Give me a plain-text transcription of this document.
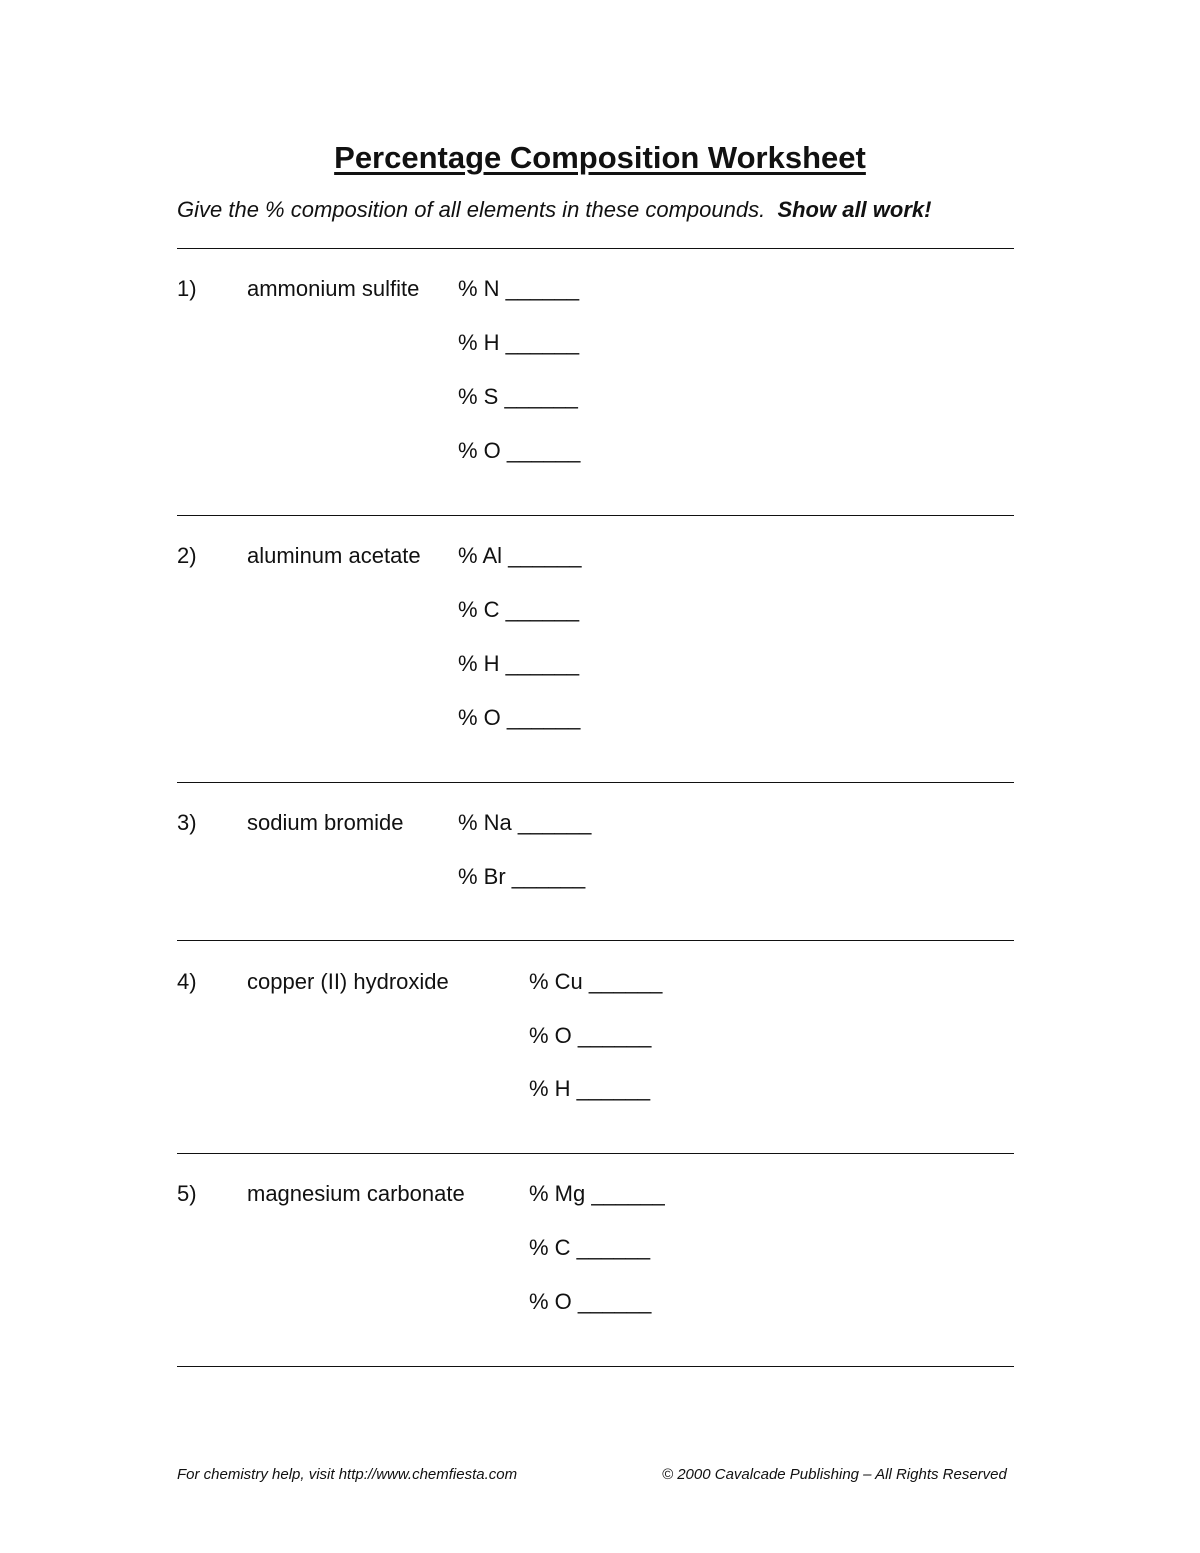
Percentage Composition Worksheet
Give the % composition of all elements in these compounds. Show all work!
1) ammonium sulfite % N ______
% H ______
% S ______
% O ______
2) aluminum acetate % Al ______
% C ______
% H ______
% O ______
3) sodium bromide % Na ______
% Br ______
4) copper (II) hydroxide	% Cu ______
% O ______
% H ______
5) magnesium carbonate	% Mg ______
% C ______
% O ______
For chemistry help, visit http://www.chemfiesta.com	© 2000 Cavalcade Publishing – All Rights Reserved
